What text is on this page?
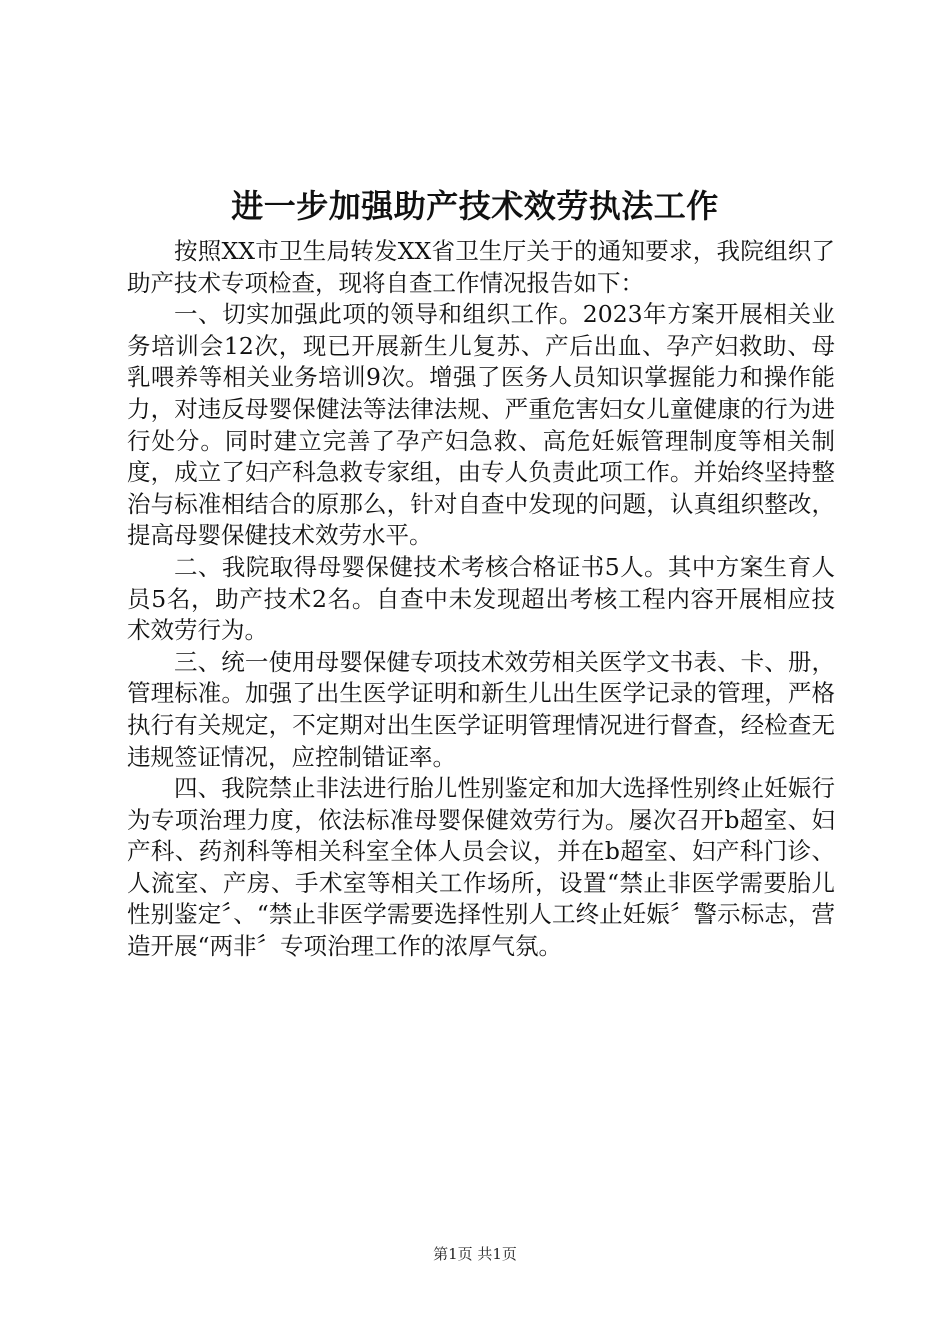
进一步加强助产技术效劳执法工作

按照XX市卫生局转发XX省卫生厅关于的通知要求，我院组织了助产技术专项检查，现将自查工作情况报告如下：

一、切实加强此项的领导和组织工作。2023年方案开展相关业务培训会12次，现已开展新生儿复苏、产后出血、孕产妇救助、母乳喂养等相关业务培训9次。增强了医务人员知识掌握能力和操作能力，对违反母婴保健法等法律法规、严重危害妇女儿童健康的行为进行处分。同时建立完善了孕产妇急救、高危妊娠管理制度等相关制度，成立了妇产科急救专家组，由专人负责此项工作。并始终坚持整治与标准相结合的原那么，针对自查中发现的问题，认真组织整改，提高母婴保健技术效劳水平。

二、我院取得母婴保健技术考核合格证书5人。其中方案生育人员5名，助产技术2名。自查中未发现超出考核工程内容开展相应技术效劳行为。

三、统一使用母婴保健专项技术效劳相关医学文书表、卡、册，管理标准。加强了出生医学证明和新生儿出生医学记录的管理，严格执行有关规定，不定期对出生医学证明管理情况进行督查，经检查无违规签证情况，应控制错证率。

四、我院禁止非法进行胎儿性别鉴定和加大选择性别终止妊娠行为专项治理力度，依法标准母婴保健效劳行为。屡次召开b超室、妇产科、药剂科等相关科室全体人员会议，并在b超室、妇产科门诊、人流室、产房、手术室等相关工作场所，设置“禁止非医学需要胎儿性别鉴定〞、“禁止非医学需要选择性别人工终止妊娠〞警示标志，营造开展“两非〞专项治理工作的浓厚气氛。

第1页 共1页
